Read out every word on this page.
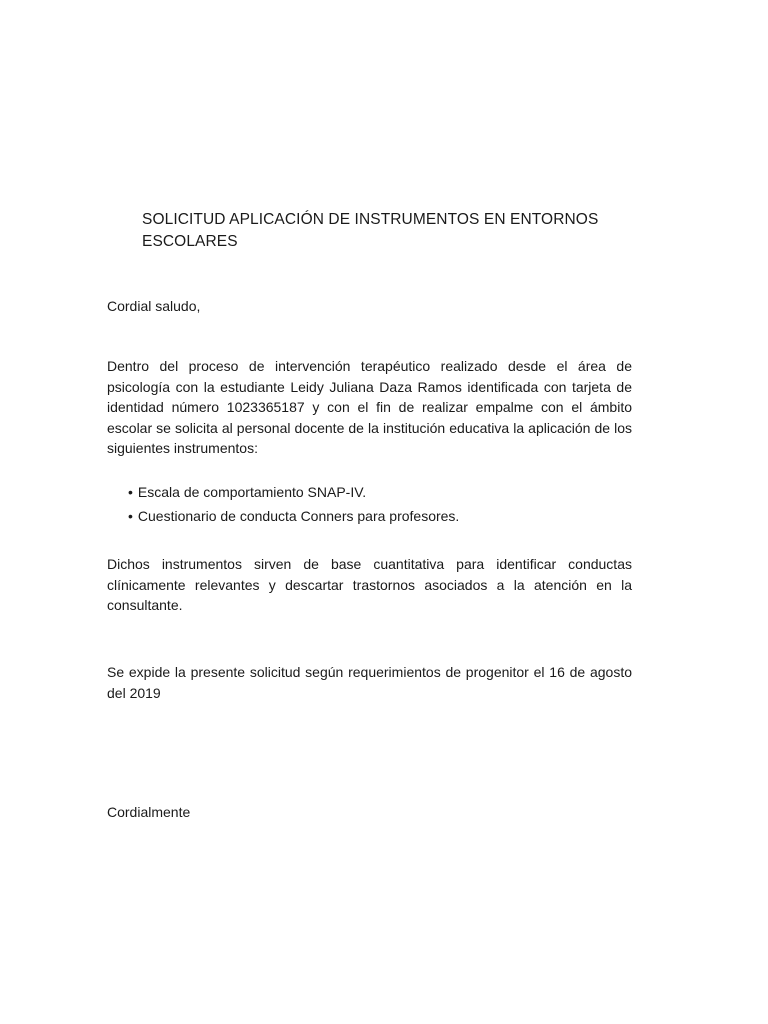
SOLICITUD APLICACIÓN DE INSTRUMENTOS EN ENTORNOS ESCOLARES
Cordial saludo,
Dentro del proceso de intervención terapéutico realizado desde el área de psicología con la estudiante Leidy Juliana Daza Ramos identificada con tarjeta de identidad número 1023365187 y con el fin de realizar empalme con el ámbito escolar se solicita al personal docente de la institución educativa la aplicación de los siguientes instrumentos:
• Escala de comportamiento SNAP-IV.
• Cuestionario de conducta Conners para profesores.
Dichos instrumentos sirven de base cuantitativa para identificar conductas clínicamente relevantes y descartar trastornos asociados a la atención en la consultante.
Se expide la presente solicitud según requerimientos de progenitor el 16 de agosto del 2019
Cordialmente
